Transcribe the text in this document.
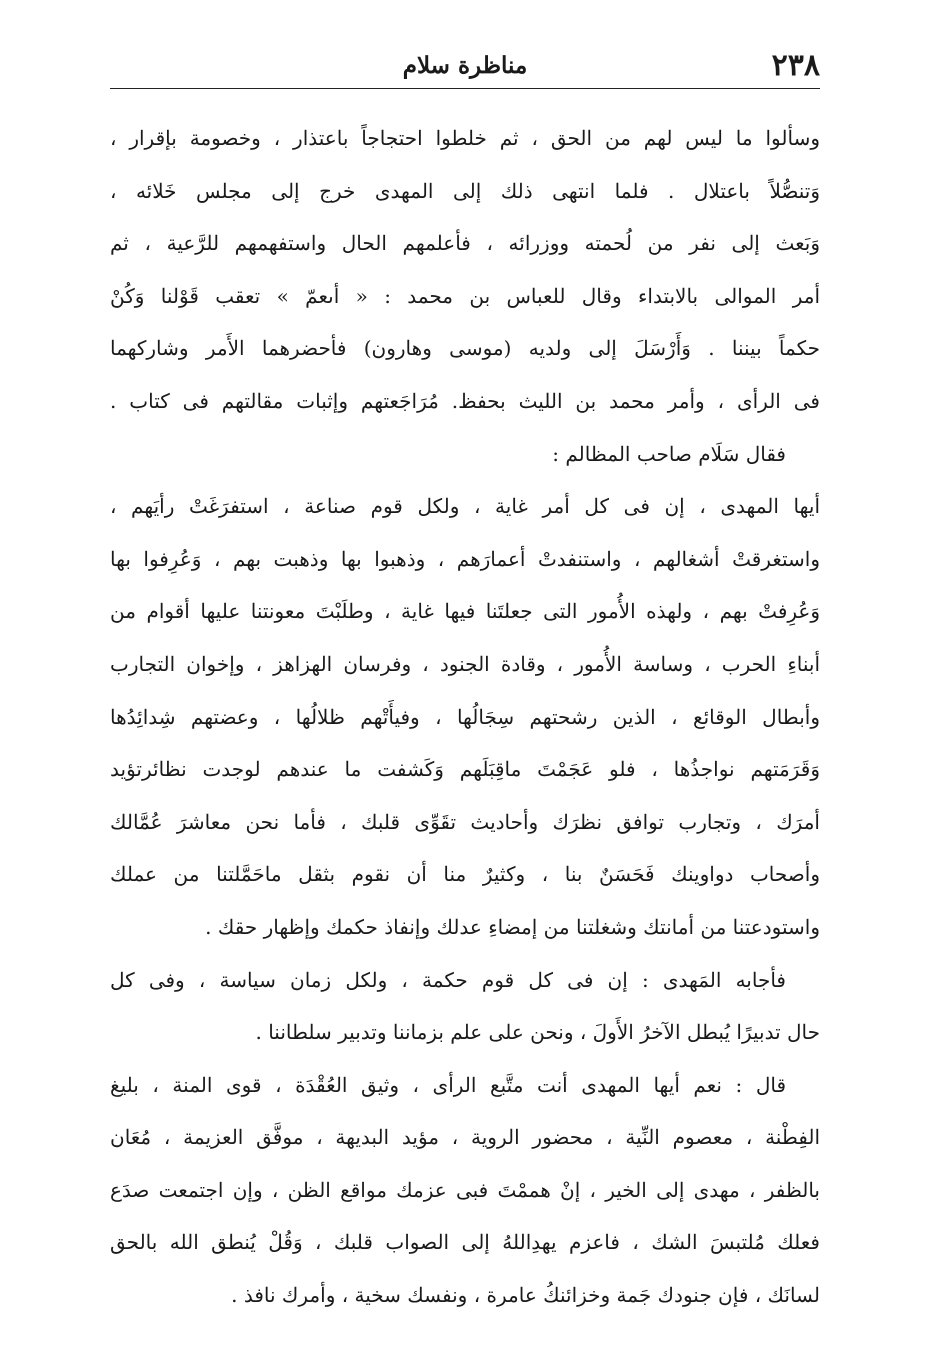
٢٣٨
مناظرة سلام
وسألوا ما ليس لهم من الحق ، ثم خلطوا احتجاجاً باعتذار ، وخصومة بإقرار ،
وَتنصُّلاً باعتلال . فلما انتهى ذلك إلى المهدى خرج إلى مجلس خَلائه ،
وَبَعث إلى نفر من لُحمته ووزرائه ، فأعلمهم الحال واستفهمهم للرَّعية ، ثم
أمر الموالى بالابتداء وقال للعباس بن محمد : « أىعمّ » تعقب قَوْلنا وَكُنْ
حكماً بيننا . وَأَرْسَلَ إلى ولديه (موسى وهارون) فأحضرهما الأَمر وشاركهما
فى الرأى ، وأمر محمد بن الليث بحفظ. مُرَاجَعتهم وإثبات مقالتهم فى كتاب .
فقال سَلَام صاحب المظالم :
أيها المهدى ، إن فى كل أمر غاية ، ولكل قوم صناعة ، استفرَغَتْ رأيَهم ،
واستغرقتْ أشغالهم ، واستنفدتْ أعمارَهم ، وذهبوا بها وذهبت بهم ، وَعُرِفوا بها
وَعُرِفتْ بهم ، ولهذه الأُمور التى جعلتَنا فيها غاية ، وطلَبْتَ معونتنا عليها أقوام من
أبناءِ الحرب ، وساسة الأُمور ، وقادة الجنود ، وفرسان الهزاهز ، وإخوان التجارب
وأبطال الوقائع ، الذين رشحتهم سِجَالُها ، وفيأَتْهم ظلالُها ، وعضتهم شِدائِدُها
وَقَرَمَتهم نواجذُها ، فلو عَجَمْتَ ماقِبَلَهم وَكَشفت ما عندهم لوجدت نظائرتؤيد
أمرَك ، وتجارب توافق نظرَك وأحاديث تقَوِّى قلبك ، فأما نحن معاشرَ عُمَّالك
وأصحاب دواوينك فَحَسَنٌ بنا ، وكثيرٌ منا أن نقوم بثقل ماحَمَّلتنا من عملك
واستودعتنا من أمانتك وشغلتنا من إمضاءِ عدلك وإنفاذ حكمك وإظهار حقك .
فأجابه المَهدى : إن فى كل قوم حكمة ، ولكل زمان سياسة ، وفى كل
حال تدبيرًا يُبطل الآخرُ الأَولَ ، ونحن على علم بزماننا وتدبير سلطاننا .
قال : نعم أيها المهدى أنت متَّبع الرأى ، وثيق العُقْدَة ، قوى المنة ، بليغ
الفِطْنة ، معصوم النِّية ، محضور الروية ، مؤيد البديهة ، موفَّق العزيمة ، مُعَان
بالظفر ، مهدى إلى الخير ، إنْ هممْتَ فبى عزمك مواقع الظن ، وإن اجتمعت صدَع
فعلك مُلتبسَ الشك ، فاعزم يهدِاللهُ إلى الصواب قلبك ، وَقُلْ يُنطق الله بالحق
لسانَك ، فإن جنودك جَمة وخزائنكُ عامرة ، ونفسك سخية ، وأمرك نافذ .
